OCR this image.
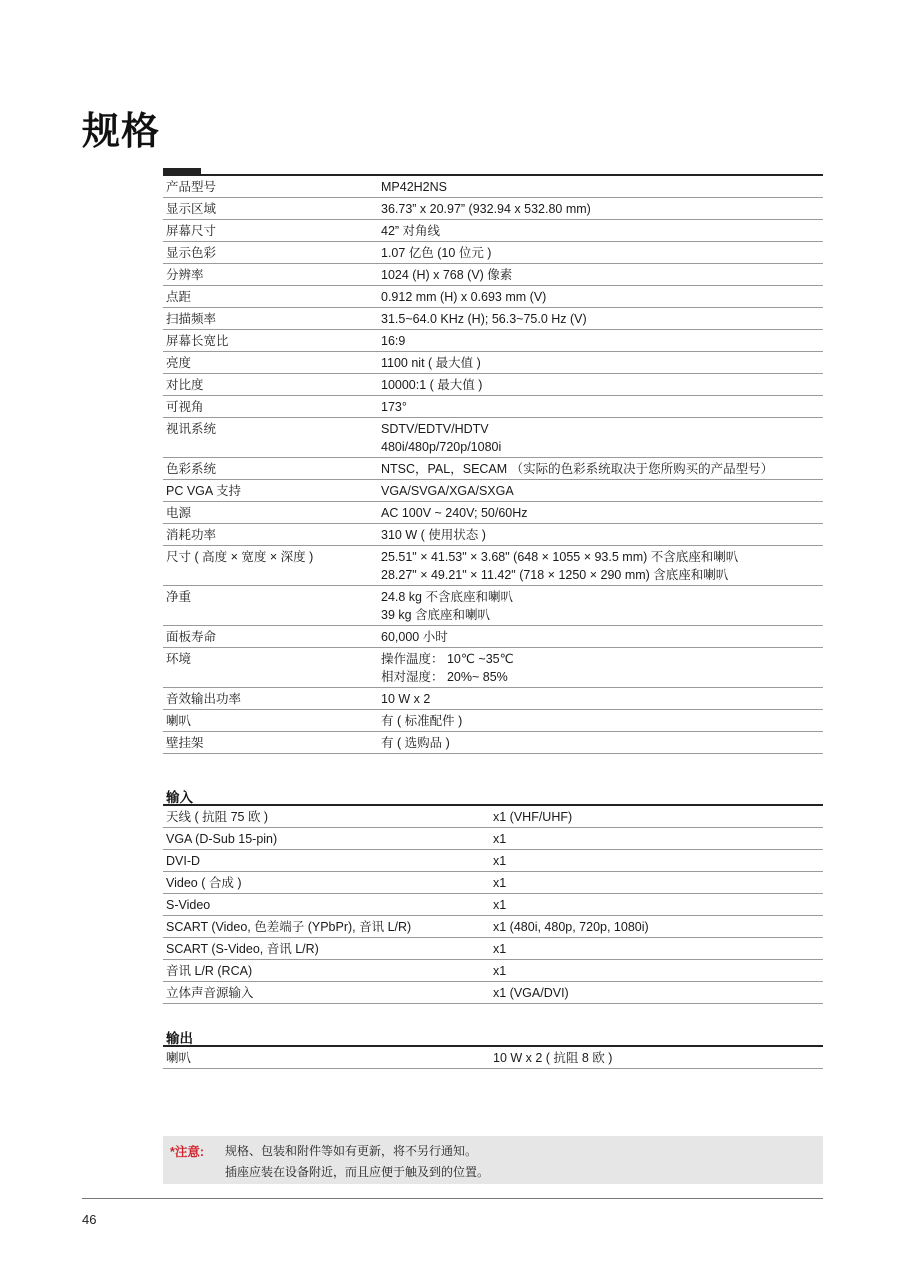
规格
产品型号	MP42H2NS

显示区域	36.73” x 20.97” (932.94 x 532.80 mm)

屏幕尺寸	42” 对角线

显示色彩	1.07 亿色 (10 位元 )

分辨率	1024 (H) x 768 (V) 像素

点距	0.912 mm (H) x 0.693 mm (V)

扫描频率	31.5~64.0 KHz (H); 56.3~75.0 Hz (V)

屏幕长宽比	16:9

亮度	1100 nit ( 最大值 )

对比度	10000:1 ( 最大值 )

可视角	173°

视讯系统	SDTV/EDTV/HDTV
480i/480p/720p/1080i

色彩系统	NTSC，PAL，SECAM （实际的色彩系统取决于您所购买的产品型号）

PC VGA 支持	VGA/SVGA/XGA/SXGA

电源	AC 100V ~ 240V; 50/60Hz

消耗功率	310 W ( 使用状态 )

尺寸 ( 高度 × 宽度 × 深度 )	25.51" × 41.53" × 3.68" (648 × 1055 × 93.5 mm) 不含底座和喇叭
28.27" × 49.21" × 11.42" (718 × 1250 × 290 mm) 含底座和喇叭

净重	24.8 kg 不含底座和喇叭
39 kg 含底座和喇叭

面板寿命	60,000 小时

环境	操作温度： 10℃ ~35℃
相对湿度： 20%~ 85%

音效输出功率	10 W x 2

喇叭	有 ( 标准配件 )

壁挂架	有 ( 选购品 )
输入
天线 ( 抗阻 75 欧 )	x1 (VHF/UHF)
VGA (D-Sub 15-pin)	x1
DVI-D	x1
Video ( 合成 )	x1
S-Video	x1
SCART (Video, 色差端子 (YPbPr), 音讯 L/R)	x1 (480i, 480p, 720p, 1080i)
SCART (S-Video, 音讯 L/R)	x1
音讯 L/R (RCA)	x1
立体声音源输入	x1 (VGA/DVI)
输出
喇叭	10 W x 2 ( 抗阻 8 欧 )
*注意: 规格、包装和附件等如有更新，将不另行通知。
插座应装在设备附近，而且应便于触及到的位置。
46
